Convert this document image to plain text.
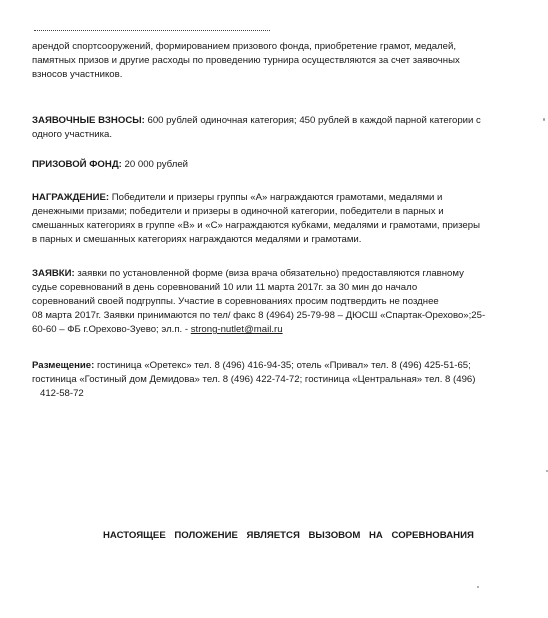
арендой спортсооружений, формированием призового фонда, приобретение грамот, медалей,
памятных призов и другие расходы по проведению турнира осуществляются за счет заявочных
взносов участников.
ЗАЯВОЧНЫЕ ВЗНОСЫ: 600 рублей одиночная категория; 450 рублей в каждой парной категории с
одного участника.
ПРИЗОВОЙ ФОНД: 20 000 рублей
НАГРАЖДЕНИЕ: Победители и призеры группы «А» награждаются грамотами, медалями и
денежными призами; победители и призеры в одиночной категории, победители в парных и
смешанных категориях в группе «В» и «С» награждаются кубками, медалями и грамотами, призеры
в парных и смешанных категориях награждаются медалями и грамотами.
ЗАЯВКИ: заявки по установленной форме (виза врача обязательно) предоставляются главному
судье соревнований в день соревнований 10 или 11 марта 2017г. за 30 мин до начало
соревнований своей подгруппы. Участие в соревнованиях просим подтвердить не позднее
08 марта 2017г. Заявки принимаются по тел/ факс 8 (4964) 25-79-98 – ДЮСШ «Спартак-Орехово»;25-
60-60 – ФБ г.Орехово-Зуево; эл.п. - strong-nutlet@mail.ru
Размещение: гостиница «Оретекс» тел. 8 (496) 416-94-35; отель «Привал» тел. 8 (496) 425-51-65;
гостиница «Гостиный дом Демидова» тел. 8 (496) 422-74-72; гостиница «Центральная» тел. 8 (496)
412-58-72
НАСТОЯЩЕЕ ПОЛОЖЕНИЕ ЯВЛЯЕТСЯ ВЫЗОВОМ НА СОРЕВНОВАНИЯ
